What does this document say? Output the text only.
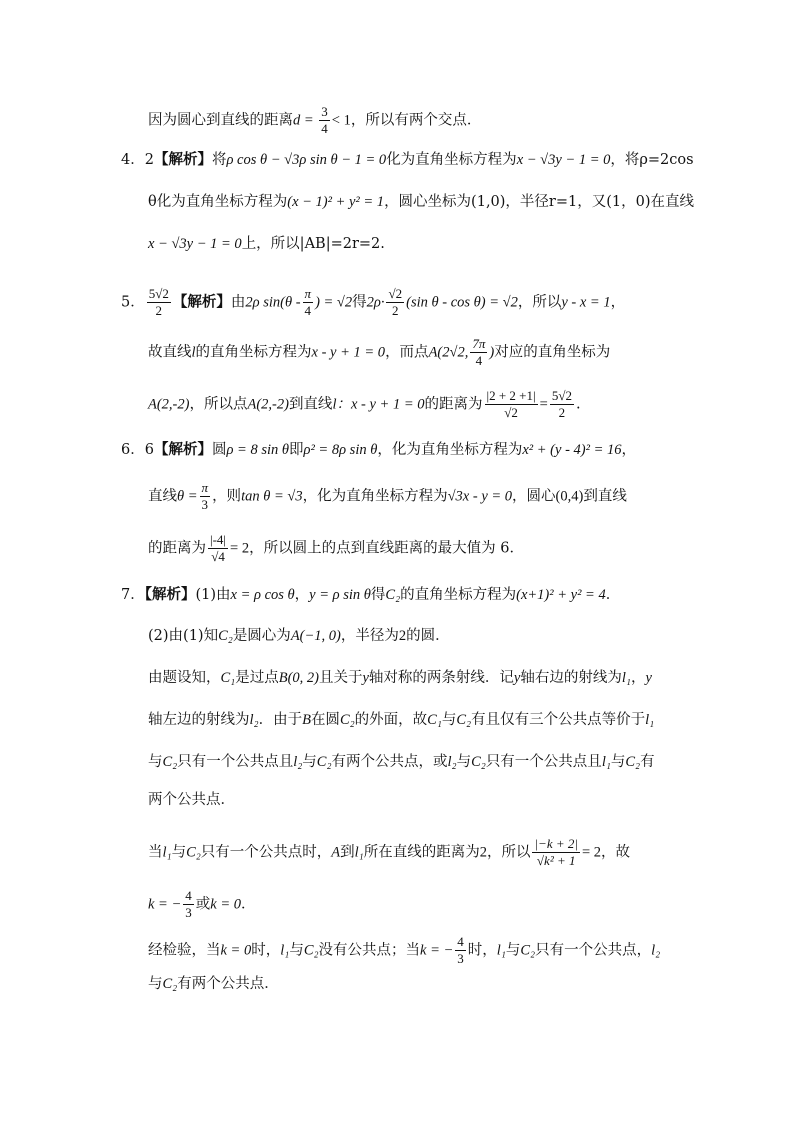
因为圆心到直线的距离$d = \frac{3}{4} < 1$，所以有两个交点．
4．2【解析】将ρ cos θ − √3ρ sin θ − 1 = 0化为直角坐标方程为x − √3y − 1 = 0，将ρ=2cos
θ化为直角坐标方程为(x − 1)² + y² = 1，圆心坐标为(1,0)，半径r=1，又(1，0)在直线
x − √3y − 1 = 0上，所以|AB|=2r=2.
5． $\frac{5√2}{2}$ 【解析】由2ρ $\sin(\theta - \frac{\pi}{4}$ ) = √2得$2\rho\cdot \frac{√2}{2} (\sin$ θ - cos θ) = √2，所以y - x = 1，
故直线l的直角坐标方程为x - y + 1 = 0，而点A(2√2, $\frac{7\pi}{4}$ )对应的直角坐标为
A(2,-2)，所以点A(2,-2)到直线l：x - y + 1 = 0的距离为 $\frac{|2 + 2 +1|}{√2} = \frac{5√2}{2}$ .
6．6【解析】圆ρ = 8 sin θ即ρ² = 8ρ sin θ，化为直角坐标方程为x² + (y - 4)² = 16，
直线$\theta = \frac{\pi}{3}$ ，则tan θ = √3，化为直角坐标方程为√3x - y = 0，圆心(0,4)到直线
的距离为 $\frac{|-4|}{√4} = 2$，所以圆上的点到直线距离的最大值为 6．
7．【解析】(1)由x = ρ cos θ，y = ρ sin θ得C₂的直角坐标方程为(x+1)² + y² = 4．
(2)由(1)知C₂是圆心为A(−1, 0)，半径为2的圆．
由题设知，C₁是过点B(0, 2)且关于y轴对称的两条射线．记y轴右边的射线为l₁，y
轴左边的射线为l₂．由于B在圆C₂的外面，故C₁与C₂有且仅有三个公共点等价于l₁
与C₂只有一个公共点且l₂与C₂有两个公共点，或l₂与C₂只有一个公共点且l₁与C₂有
两个公共点．
当l₁与C₂只有一个公共点时，A到l₁所在直线的距离为2，所以 $\frac{|-k + 2|}{\text{√k² + 1}} = 2$，故
k = − $\frac{4}{3}$ 或k = 0．
经检验，当k = 0时，l₁与C₂没有公共点；当k = − $\frac{4}{3}$ 时，l₁与C₂只有一个公共点，l₂
与C₂有两个公共点．
